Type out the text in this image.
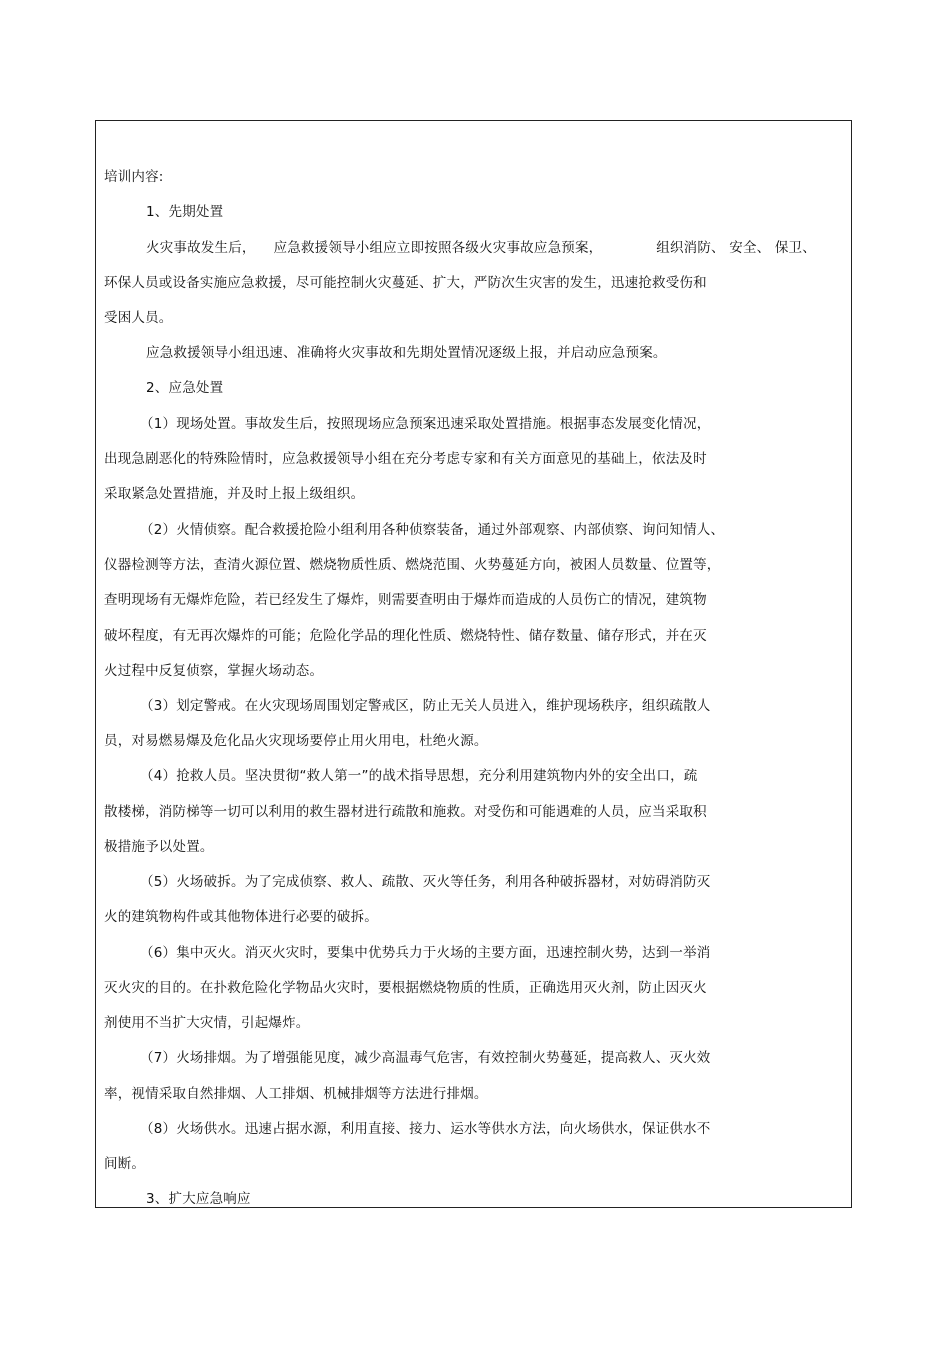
培训内容:
1、先期处置
火灾事故发生后，    应急救援领导小组应立即按照各级火灾事故应急预案，            组织消防、 安全、 保卫、
环保人员或设备实施应急救援，尽可能控制火灾蔓延、扩大，严防次生灾害的发生，迅速抢救受伤和
受困人员。
应急救援领导小组迅速、准确将火灾事故和先期处置情况逐级上报，并启动应急预案。
2、应急处置
（1）现场处置。事故发生后，按照现场应急预案迅速采取处置措施。根据事态发展变化情况，
出现急剧恶化的特殊险情时，应急救援领导小组在充分考虑专家和有关方面意见的基础上，依法及时
采取紧急处置措施，并及时上报上级组织。
（2）火情侦察。配合救援抢险小组利用各种侦察装备，通过外部观察、内部侦察、询问知情人、
仪器检测等方法，查清火源位置、燃烧物质性质、燃烧范围、火势蔓延方向，被困人员数量、位置等，
查明现场有无爆炸危险，若已经发生了爆炸，则需要查明由于爆炸而造成的人员伤亡的情况，建筑物
破坏程度，有无再次爆炸的可能；危险化学品的理化性质、燃烧特性、储存数量、储存形式，并在灭
火过程中反复侦察，掌握火场动态。
（3）划定警戒。在火灾现场周围划定警戒区，防止无关人员进入，维护现场秩序，组织疏散人
员，对易燃易爆及危化品火灾现场要停止用火用电，杜绝火源。
（4）抢救人员。坚决贯彻“救人第一”的战术指导思想，充分利用建筑物内外的安全出口，疏
散楼梯，消防梯等一切可以利用的救生器材进行疏散和施救。对受伤和可能遇难的人员，应当采取积
极措施予以处置。
（5）火场破拆。为了完成侦察、救人、疏散、灭火等任务，利用各种破拆器材，对妨碍消防灭
火的建筑物构件或其他物体进行必要的破拆。
（6）集中灭火。消灭火灾时，要集中优势兵力于火场的主要方面，迅速控制火势，达到一举消
灭火灾的目的。在扑救危险化学物品火灾时，要根据燃烧物质的性质，正确选用灭火剂，防止因灭火
剂使用不当扩大灾情，引起爆炸。
（7）火场排烟。为了增强能见度，减少高温毒气危害，有效控制火势蔓延，提高救人、灭火效
率，视情采取自然排烟、人工排烟、机械排烟等方法进行排烟。
（8）火场供水。迅速占据水源，利用直接、接力、运水等供水方法，向火场供水，保证供水不
间断。
3、扩大应急响应
